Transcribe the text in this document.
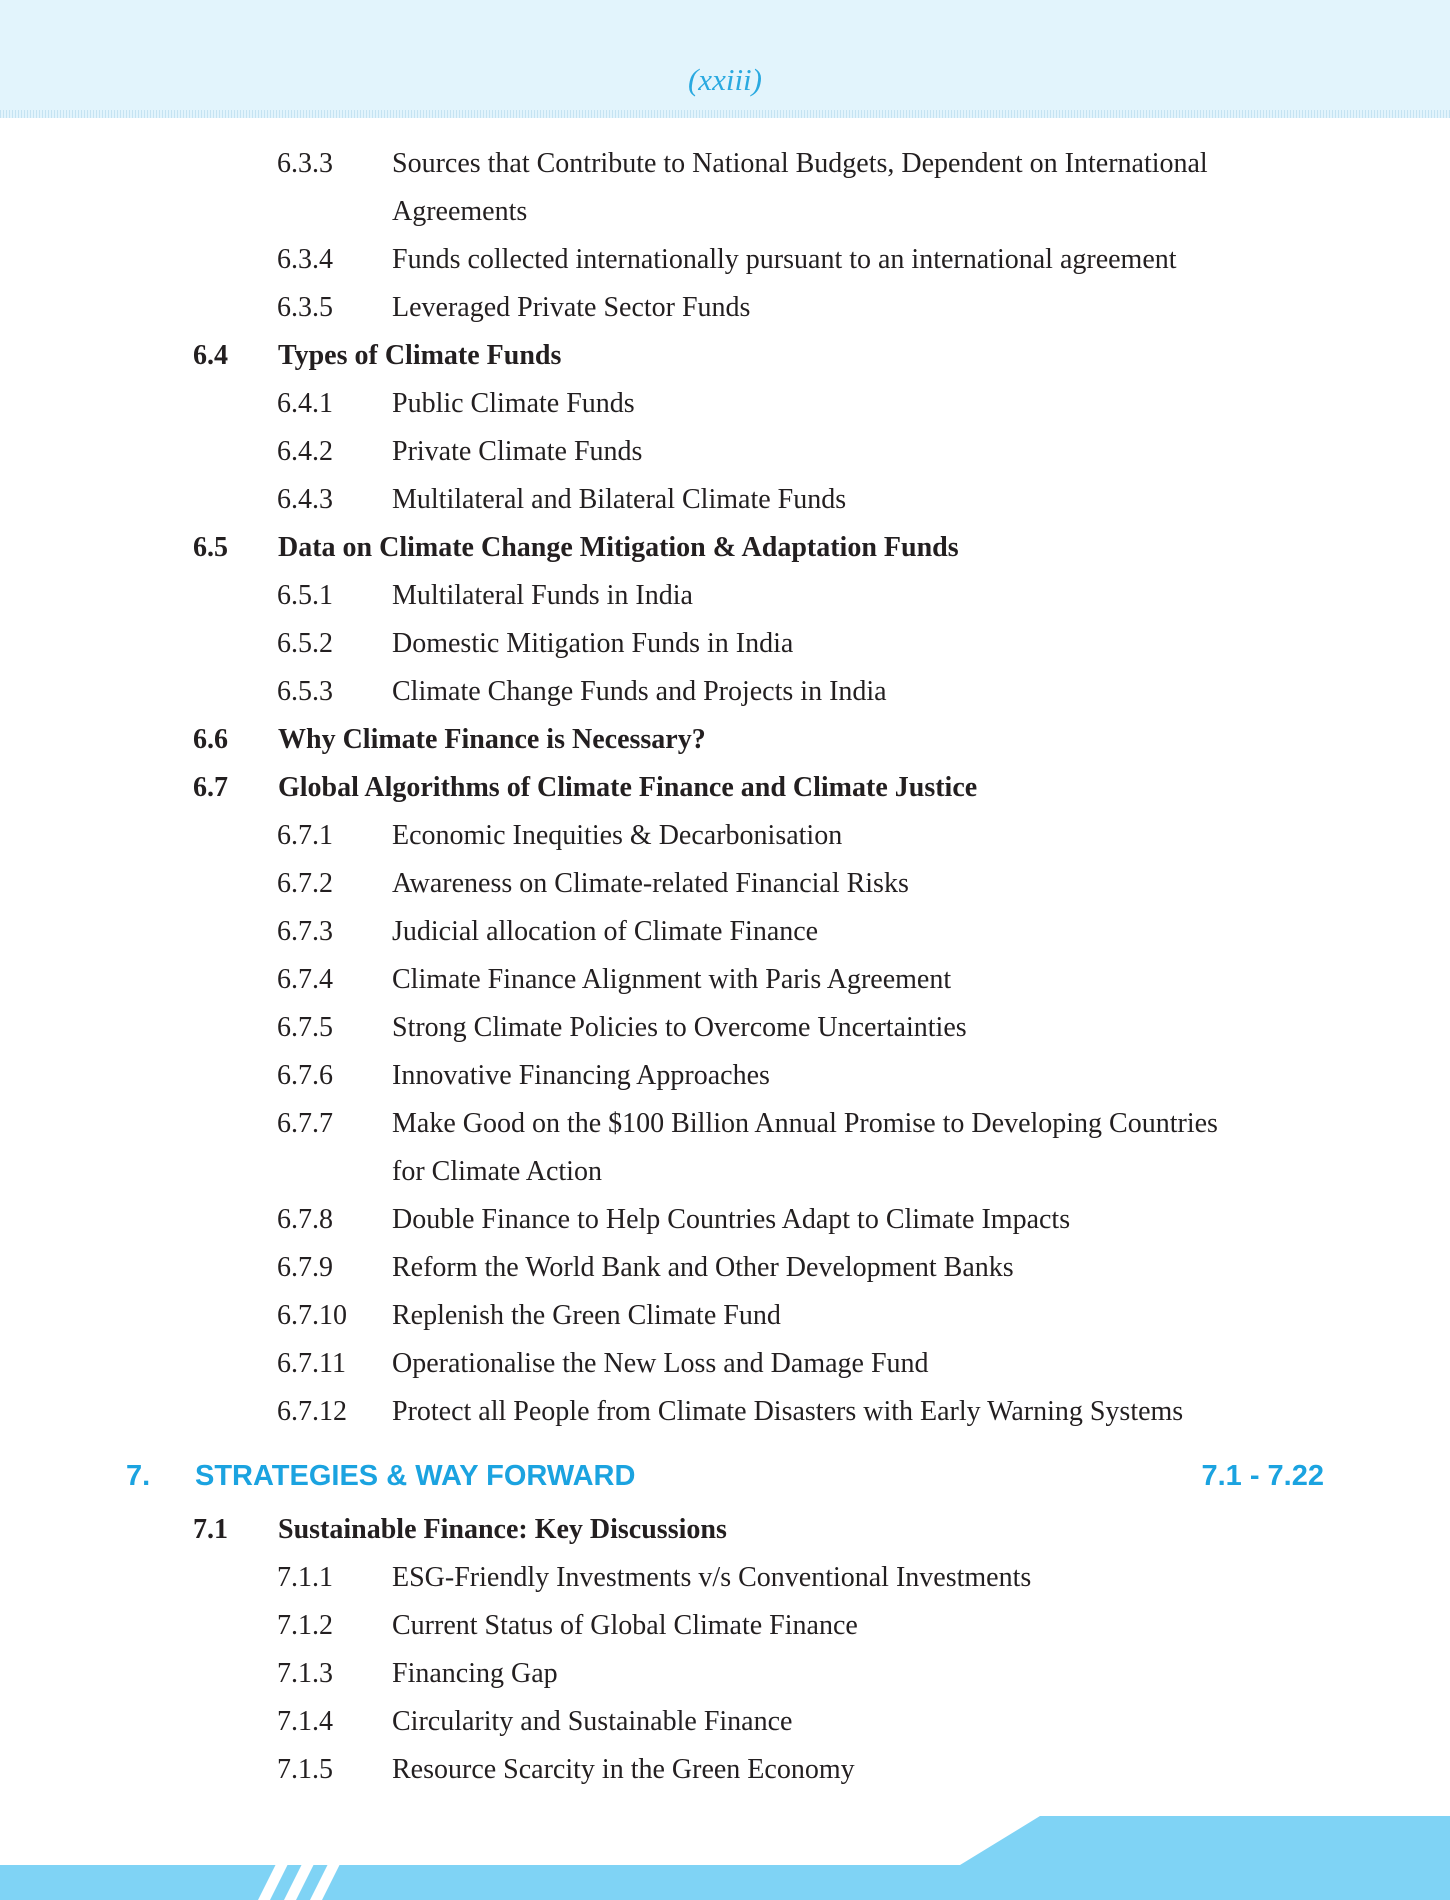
(xxiii)
6.3.3 Sources that Contribute to National Budgets, Dependent on International
Agreements
6.3.4 Funds collected internationally pursuant to an international agreement
6.3.5 Leveraged Private Sector Funds
6.4 Types of Climate Funds
6.4.1 Public Climate Funds
6.4.2 Private Climate Funds
6.4.3 Multilateral and Bilateral Climate Funds
6.5 Data on Climate Change Mitigation & Adaptation Funds
6.5.1 Multilateral Funds in India
6.5.2 Domestic Mitigation Funds in India
6.5.3 Climate Change Funds and Projects in India
6.6 Why Climate Finance is Necessary?
6.7 Global Algorithms of Climate Finance and Climate Justice
6.7.1 Economic Inequities & Decarbonisation
6.7.2 Awareness on Climate-related Financial Risks
6.7.3 Judicial allocation of Climate Finance
6.7.4 Climate Finance Alignment with Paris Agreement
6.7.5 Strong Climate Policies to Overcome Uncertainties
6.7.6 Innovative Financing Approaches
6.7.7 Make Good on the $100 Billion Annual Promise to Developing Countries
for Climate Action
6.7.8 Double Finance to Help Countries Adapt to Climate Impacts
6.7.9 Reform the World Bank and Other Development Banks
6.7.10 Replenish the Green Climate Fund
6.7.11 Operationalise the New Loss and Damage Fund
6.7.12 Protect all People from Climate Disasters with Early Warning Systems
7. STRATEGIES & WAY FORWARD	7.1 - 7.22
7.1 Sustainable Finance: Key Discussions
7.1.1 ESG-Friendly Investments v/s Conventional Investments
7.1.2 Current Status of Global Climate Finance
7.1.3 Financing Gap
7.1.4 Circularity and Sustainable Finance
7.1.5 Resource Scarcity in the Green Economy
